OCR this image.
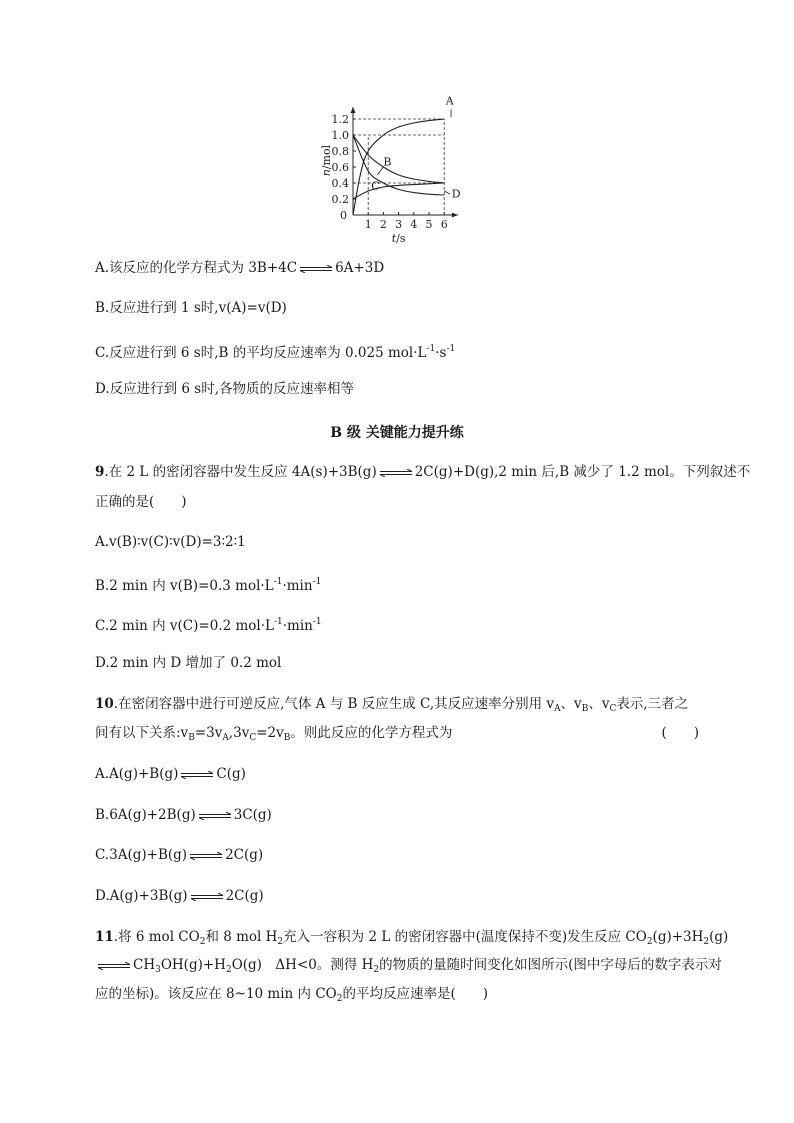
1 2 3 4 5 6
0.2
0.4
0.6
0.8
1.0
1.2
0
n/mol
t/s
A
B
C
D
A.该反应的化学方程式为 3B+4C ⇌ 6A+3D
B.反应进行到 1 s时,v(A)=v(D)
C.反应进行到 6 s时,B 的平均反应速率为 0.025 $mol\cdot L^{-1}\cdot s^{-1}$
D.反应进行到 6 s时,各物质的反应速率相等
B 级 关键能力提升练
9.在 2 L 的密闭容器中发生反应 4A(s)+3B(g) ⇌ 2C(g)+D(g),2 min 后,B 减少了 1.2 mol。下列叙述不
正确的是(　　)
A.v(B)∶v(C)∶v(D)=3∶2∶1
B.2 min 内 v(B)=0.3 $mol\cdot L^{-1}\cdot\min^{-1}$
C.2 min 内 v(C)=0.2 $mol\cdot L^{-1}\cdot\min^{-1}$
D.2 min 内 D 增加了 0.2 mol
10.在密闭容器中进行可逆反应,气体 A 与 B 反应生成 C,其反应速率分别用 $v_A$、$v_B$、$v_C$表示,三者之
间有以下关系$:v_B=3v_A,3v_C=2v_B$。则此反应的化学方程式为	(　　)
A.A(g)+B(g) ⇌ C(g)
B.6A(g)+2B(g) ⇌ 3C(g)
C.3A(g)+B(g) ⇌ 2C(g)
D.A(g)+3B(g) ⇌ 2C(g)
11.将 6 mol $CO_2$和 8 mol $H_2$充入一容积为 2 L 的密闭容器中(温度保持不变)发生反应 $CO_2(g)+3H_2(g)$
⇌ $CH_3OH(g)+H_2O(g)$　ΔH<0。测得 $H_2$的物质的量随时间变化如图所示(图中字母后的数字表示对
应的坐标)。该反应在 8~10 min 内 $CO_2$的平均反应速率是(　　)
